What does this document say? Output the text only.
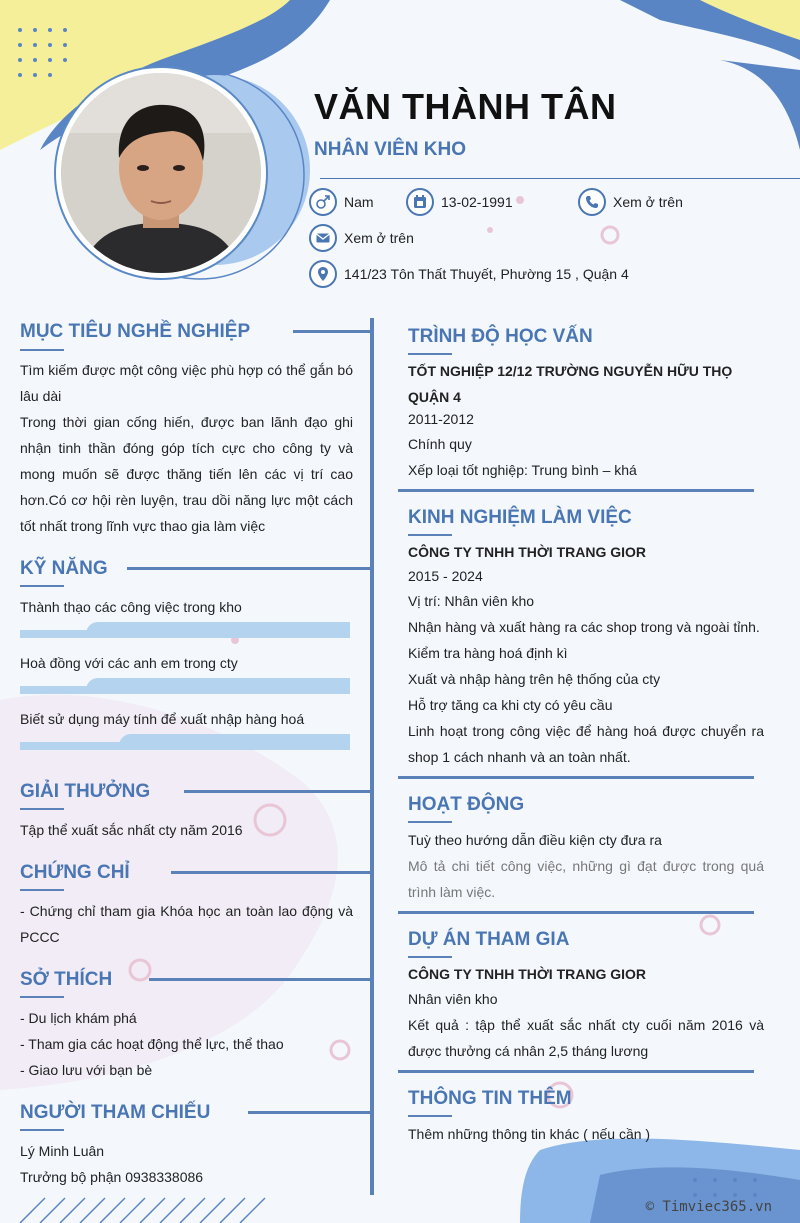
VĂN THÀNH TÂN
NHÂN VIÊN KHO
Nam	13-02-1991	Xem ở trên
Xem ở trên
141/23 Tôn Thất Thuyết, Phường 15 , Quận 4
MỤC TIÊU NGHỀ NGHIỆP
Tìm kiếm được một công việc phù hợp có thể gắn bó lâu dài
Trong thời gian cống hiến, được ban lãnh đạo ghi nhận tinh thần đóng góp tích cực cho công ty và mong muốn sẽ được thăng tiến lên các vị trí cao hơn.Có cơ hội rèn luyện, trau dồi năng lực một cách tốt nhất trong lĩnh vực thao gia làm việc
KỸ NĂNG
Thành thạo các công việc trong kho
Hoà đồng với các anh em trong cty
Biết sử dụng máy tính để xuất nhập hàng hoá
GIẢI THƯỞNG
Tập thể xuất sắc nhất cty năm 2016
CHỨNG CHỈ
- Chứng chỉ tham gia Khóa học an toàn lao động và PCCC
SỞ THÍCH
- Du lịch khám phá
- Tham gia các hoạt động thể lực, thể thao
- Giao lưu với bạn bè
NGƯỜI THAM CHIẾU
Lý Minh Luân
Trưởng bộ phận 0938338086
TRÌNH ĐỘ HỌC VẤN
TỐT NGHIỆP 12/12 TRƯỜNG NGUYỄN HỮU THỌ QUẬN 4
2011-2012
Chính quy
Xếp loại tốt nghiệp: Trung bình – khá
KINH NGHIỆM LÀM VIỆC
CÔNG TY TNHH THỜI TRANG GIOR
2015 - 2024
Vị trí: Nhân viên kho
Nhận hàng và xuất hàng ra các shop trong và ngoài tỉnh.
Kiểm tra hàng hoá định kì
Xuất và nhập hàng trên hệ thống của cty
Hỗ trợ tăng ca khi cty có yêu cầu
Linh hoạt trong công việc để hàng hoá được chuyển ra shop 1 cách nhanh và an toàn nhất.
HOẠT ĐỘNG
Tuỳ theo hướng dẫn điều kiện cty đưa ra
Mô tả chi tiết công việc, những gì đạt được trong quá trình làm việc.
DỰ ÁN THAM GIA
CÔNG TY TNHH THỜI TRANG GIOR
Nhân viên kho
Kết quả : tập thể xuất sắc nhất cty cuối năm 2016 và được thưởng cá nhân 2,5 tháng lương
THÔNG TIN THÊM
Thêm những thông tin khác ( nếu cần )
© Timviec365.vn
